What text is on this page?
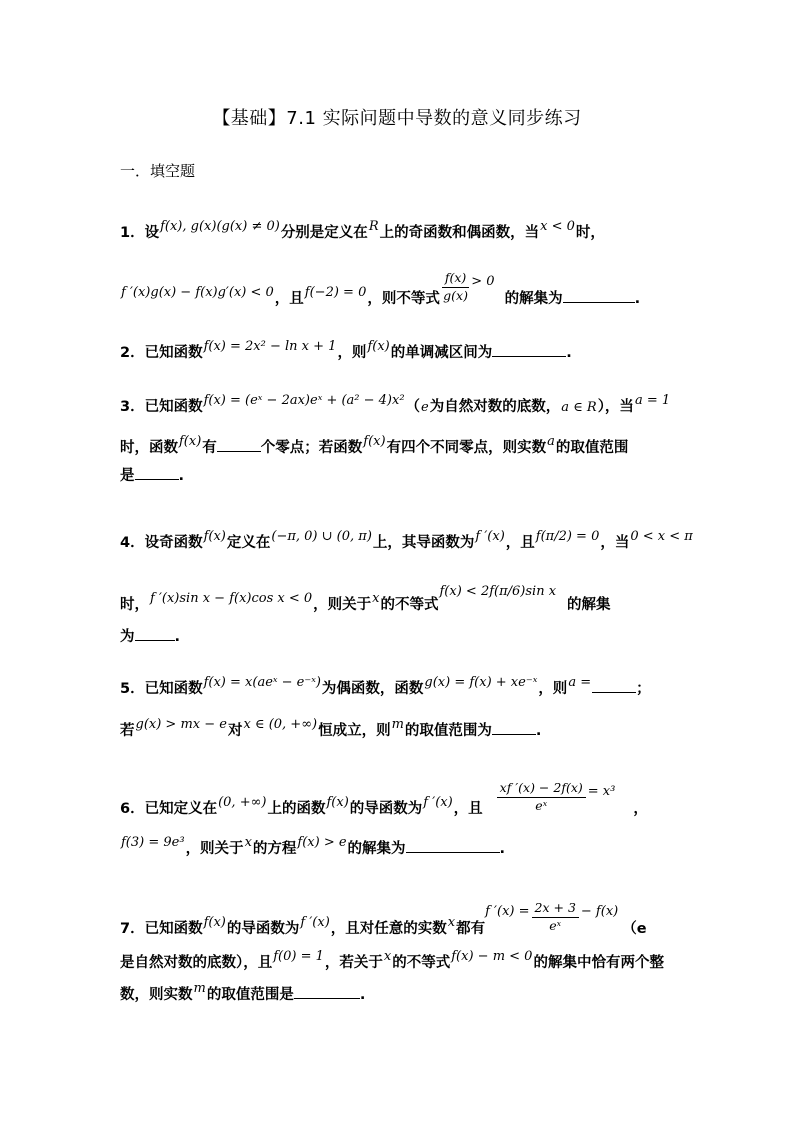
【基础】7.1 实际问题中导数的意义同步练习
一．填空题
1．设f(x), g(x)(g(x) ≠ 0)分别是定义在R上的奇函数和偶函数，当x < 0时，
f ′(x)g(x) − f(x)g′(x) < 0，且f(−2) = 0，则不等式 $\frac{f(x)}{g(x)} > 0$的解集为	.
2．已知函数f(x) = 2x² − ln x + 1，则f(x)的单调减区间为	.
3．已知函数f(x) = (eˣ − 2ax)eˣ + (a² − 4)x²（e为自然对数的底数，a ∈ R），当a = 1
时，函数f(x)有	个零点；若函数f(x)有四个不同零点，则实数a的取值范围
是	.
4．设奇函数f(x)定义在(−π, 0) ∪ (0, π)上，其导函数为f ′(x)，且f(π/2) = 0，当0 < x < π
时，f ′(x)sin x − f(x)cos x < 0，则关于x的不等式f(x) < 2f(π/6)sin x的解集
为	.
5．已知函数f(x) = x(aeˣ − e⁻ˣ)为偶函数，函数g(x) = f(x) + xe⁻ˣ，则a =	；
若g(x) > mx − e对x ∈ (0, +∞)恒成立，则m的取值范围为	.
6．已知定义在(0, +∞)上的函数f(x)的导函数为f ′(x)，且 $\frac{xf '(x) - 2f(x)}{\text{eˣ}} = x^3$，
f(3) = 9e³，则关于x的方程f(x) > e的解集为	.
7．已知函数f(x)的导函数为f ′(x)，且对任意的实数x都有f $'(x) = \frac{2x + 3}{\text{eˣ}} - f(x)(e$
是自然对数的底数），且f(0) = 1，若关于x的不等式f(x) − m < 0的解集中恰有两个整
数，则实数m的取值范围是	.
